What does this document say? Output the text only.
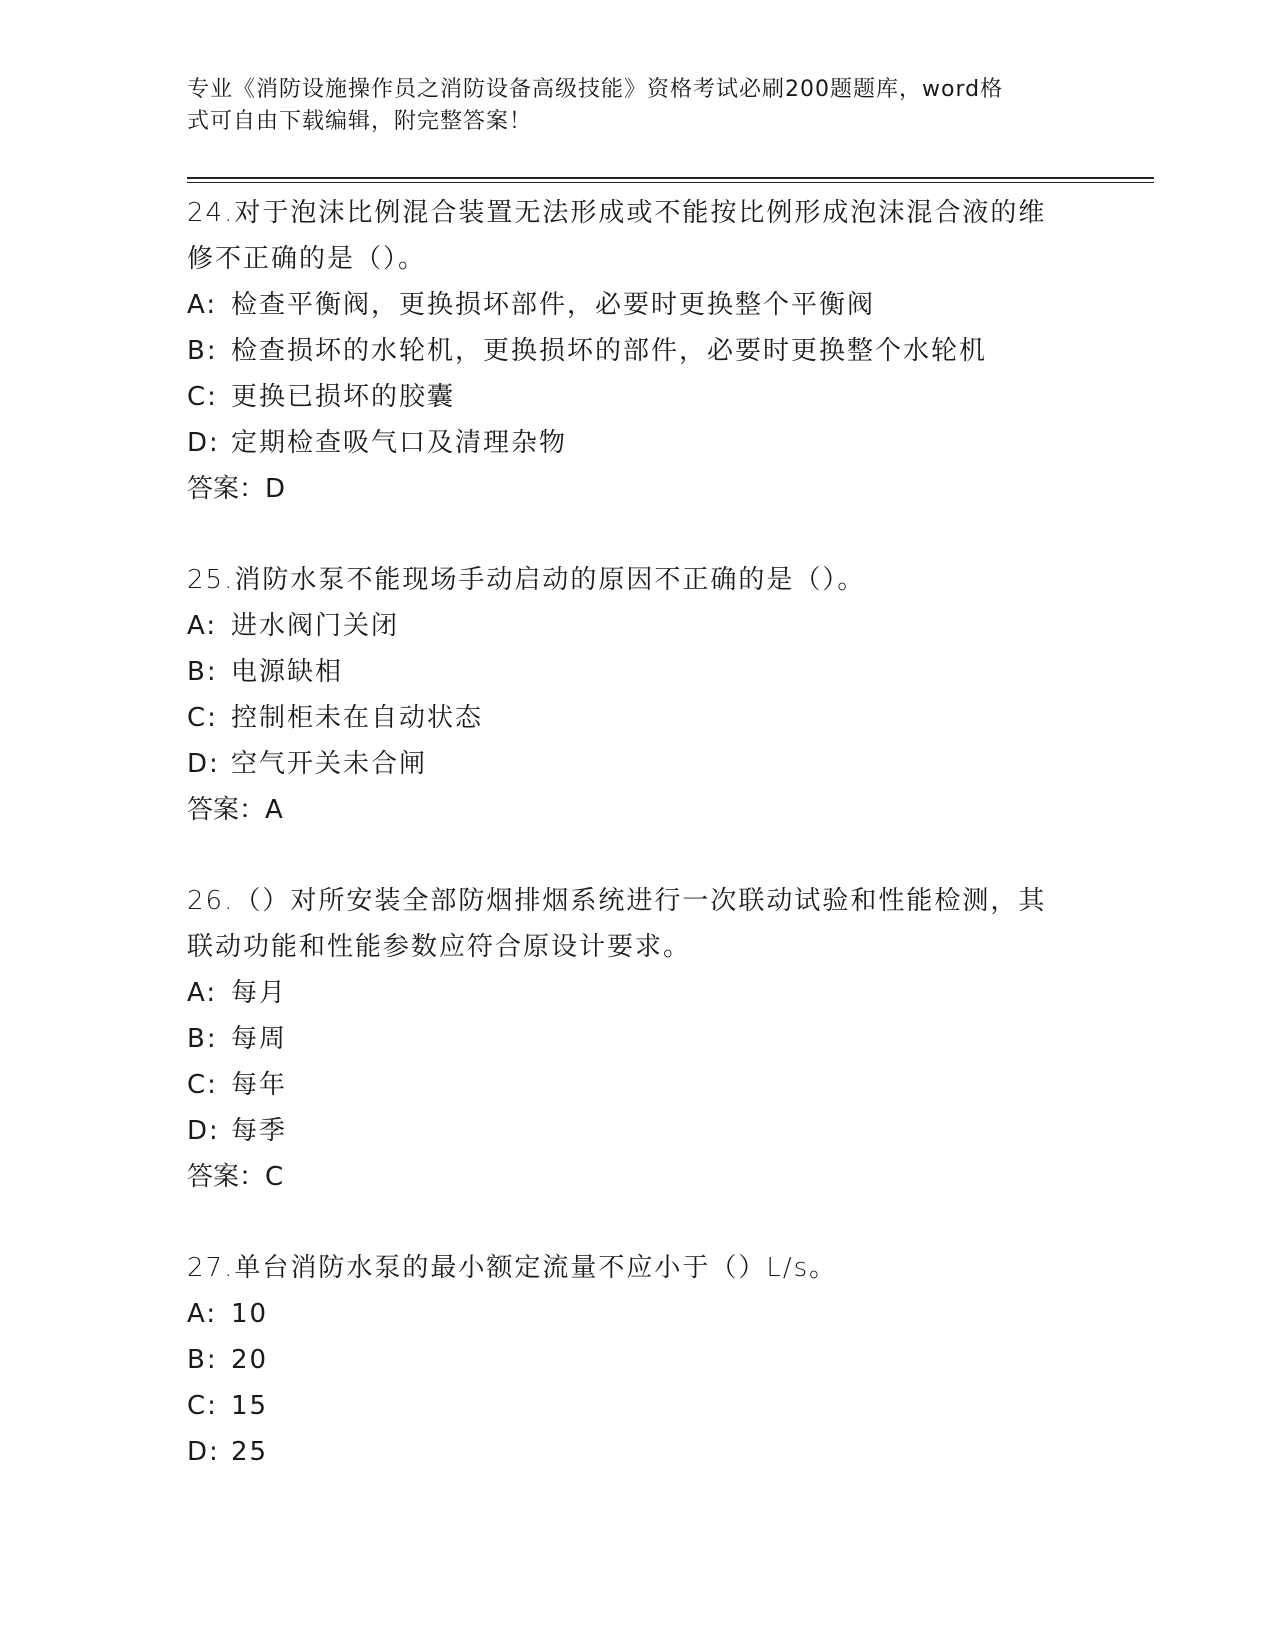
专业《消防设施操作员之消防设备高级技能》资格考试必刷200题题库，word格
式可自由下载编辑，附完整答案！
24.对于泡沫比例混合装置无法形成或不能按比例形成泡沫混合液的维
修不正确的是（）。
A: 检查平衡阀，更换损坏部件，必要时更换整个平衡阀
B: 检查损坏的水轮机，更换损坏的部件，必要时更换整个水轮机
C: 更换已损坏的胶囊
D: 定期检查吸气口及清理杂物
答案：D
25.消防水泵不能现场手动启动的原因不正确的是（）。
A: 进水阀门关闭
B: 电源缺相
C: 控制柜未在自动状态
D: 空气开关未合闸
答案：A
26.（）对所安装全部防烟排烟系统进行一次联动试验和性能检测，其
联动功能和性能参数应符合原设计要求。
A: 每月
B: 每周
C: 每年
D: 每季
答案：C
27.单台消防水泵的最小额定流量不应小于（）L/s。
A: 10
B: 20
C: 15
D: 25
